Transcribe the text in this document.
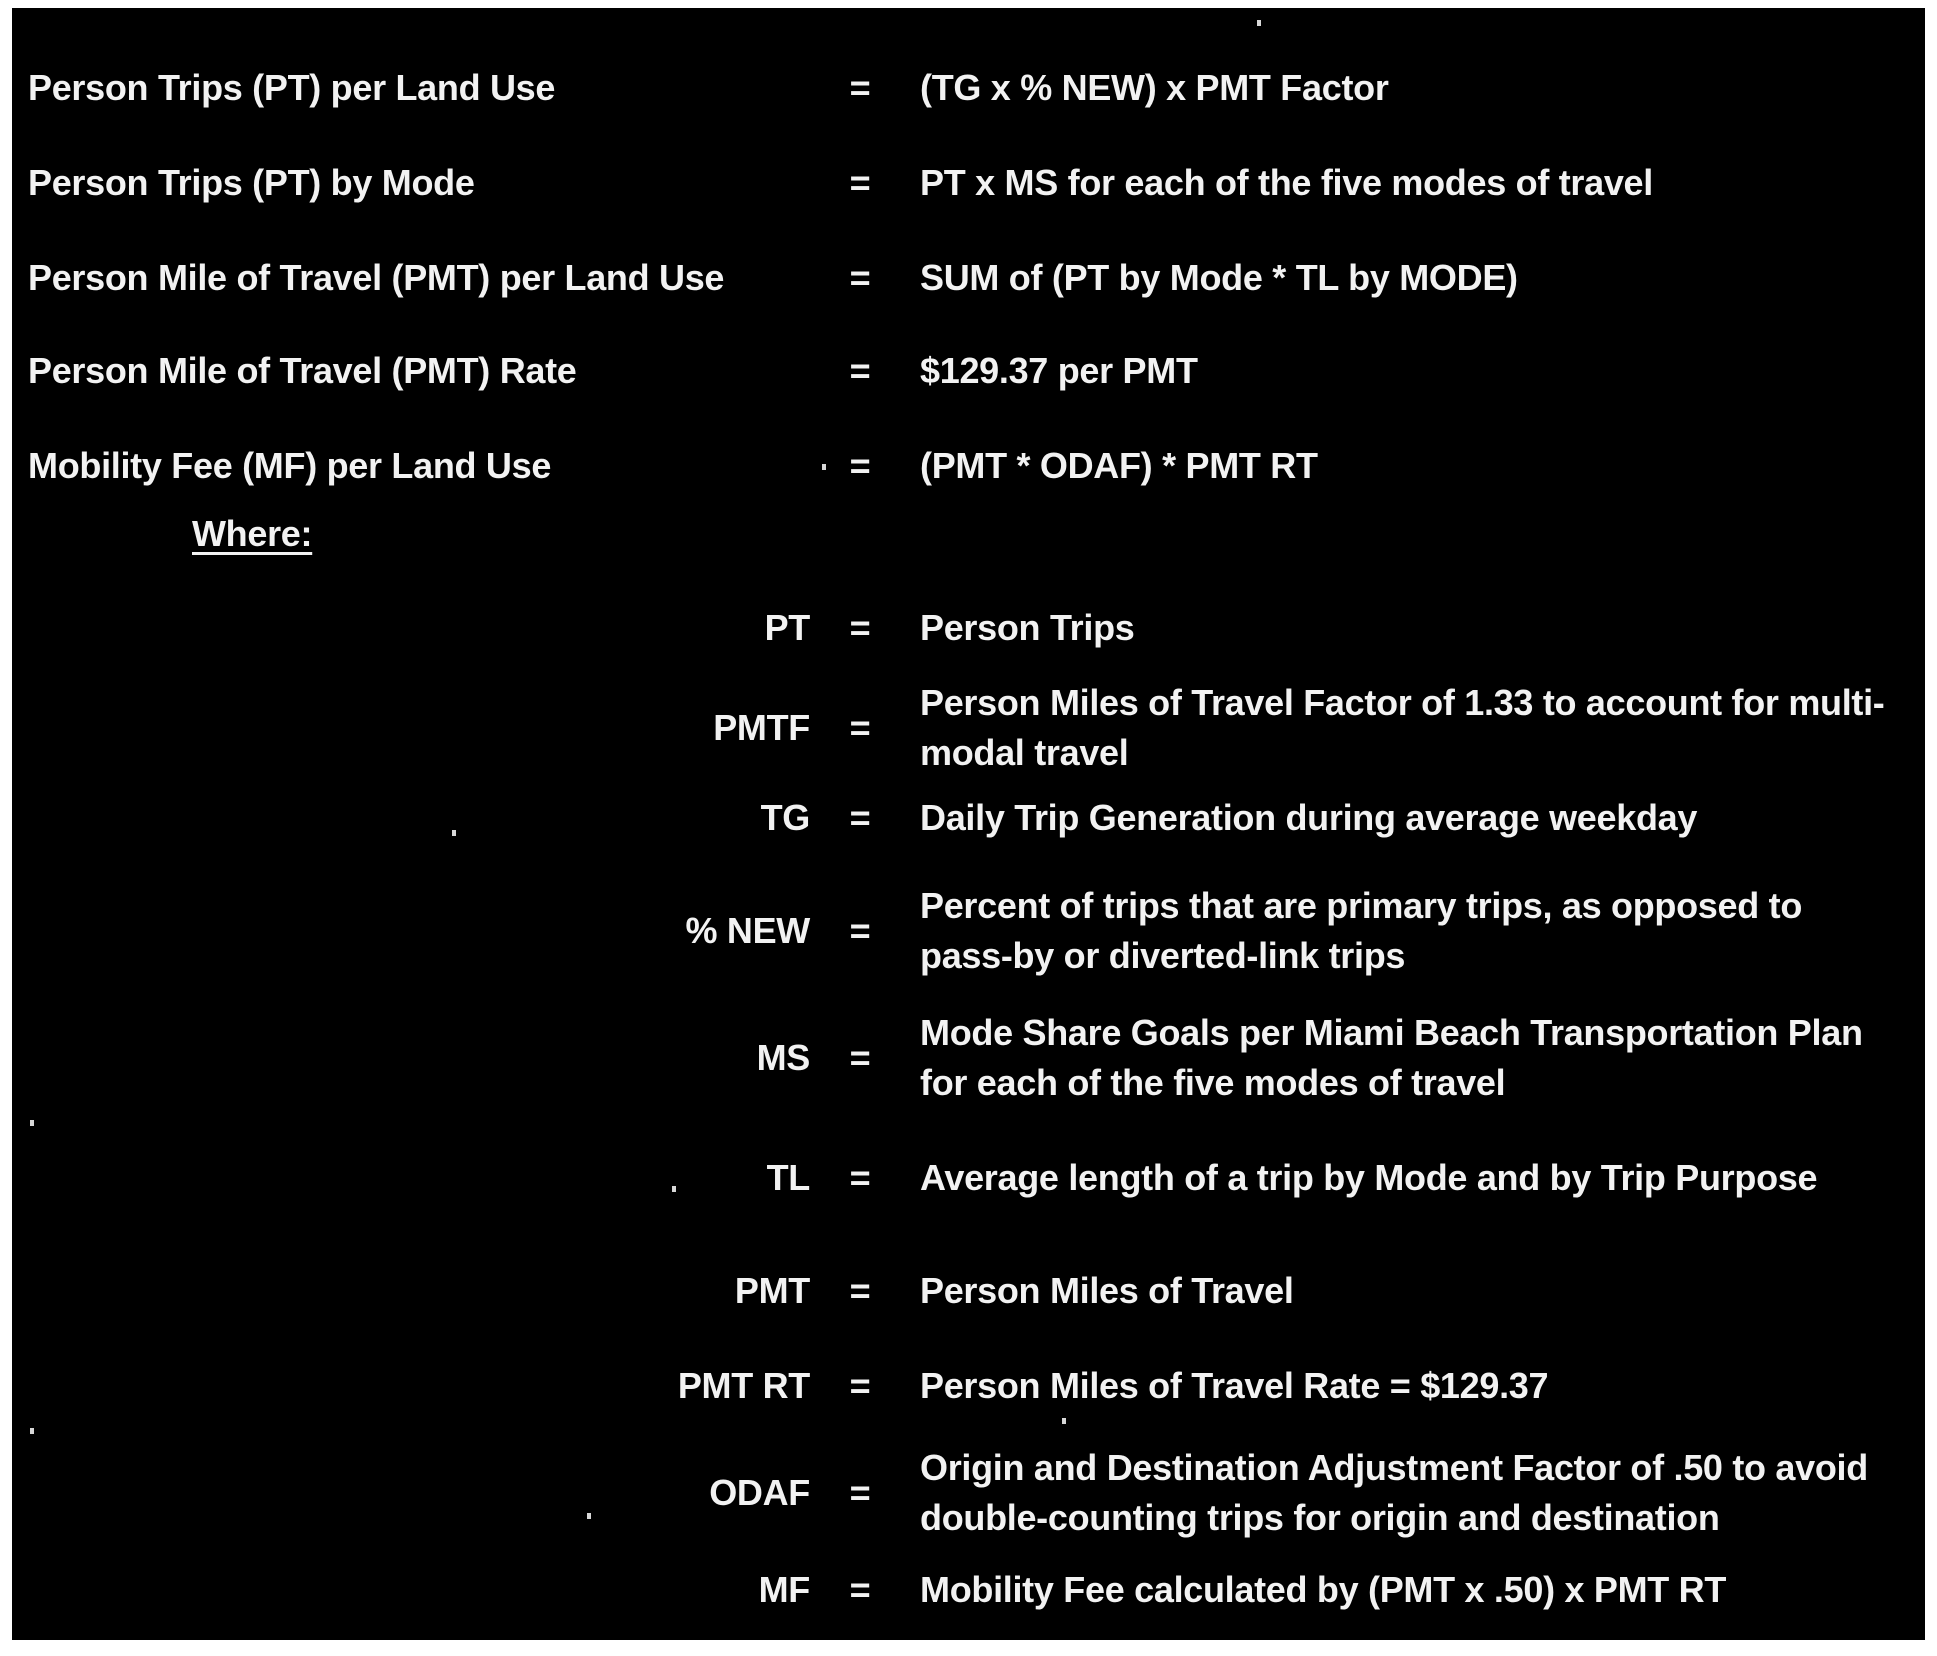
Person Trips (PT) per Land Use	= (TG x % NEW) x PMT Factor
Person Trips (PT) by Mode	= PT x MS for each of the five modes of travel
Person Mile of Travel (PMT) per Land Use	= SUM of (PT by Mode * TL by MODE)
Person Mile of Travel (PMT) Rate	= $129.37 per PMT
Mobility Fee (MF) per Land Use	= (PMT * ODAF) * PMT RT
Where:
PT = Person Trips
PMTF =
Person Miles of Travel Factor of 1.33 to account for multi-modal travel
TG = Daily Trip Generation during average weekday
% NEW =
Percent of trips that are primary trips, as opposed to pass-by or diverted-link trips
MS =
Mode Share Goals per Miami Beach Transportation Plan for each of the five modes of travel
TL = Average length of a trip by Mode and by Trip Purpose
PMT = Person Miles of Travel
PMT RT = Person Miles of Travel Rate = $129.37
ODAF =
Origin and Destination Adjustment Factor of .50 to avoid double-counting trips for origin and destination
MF = Mobility Fee calculated by (PMT x .50) x PMT RT
